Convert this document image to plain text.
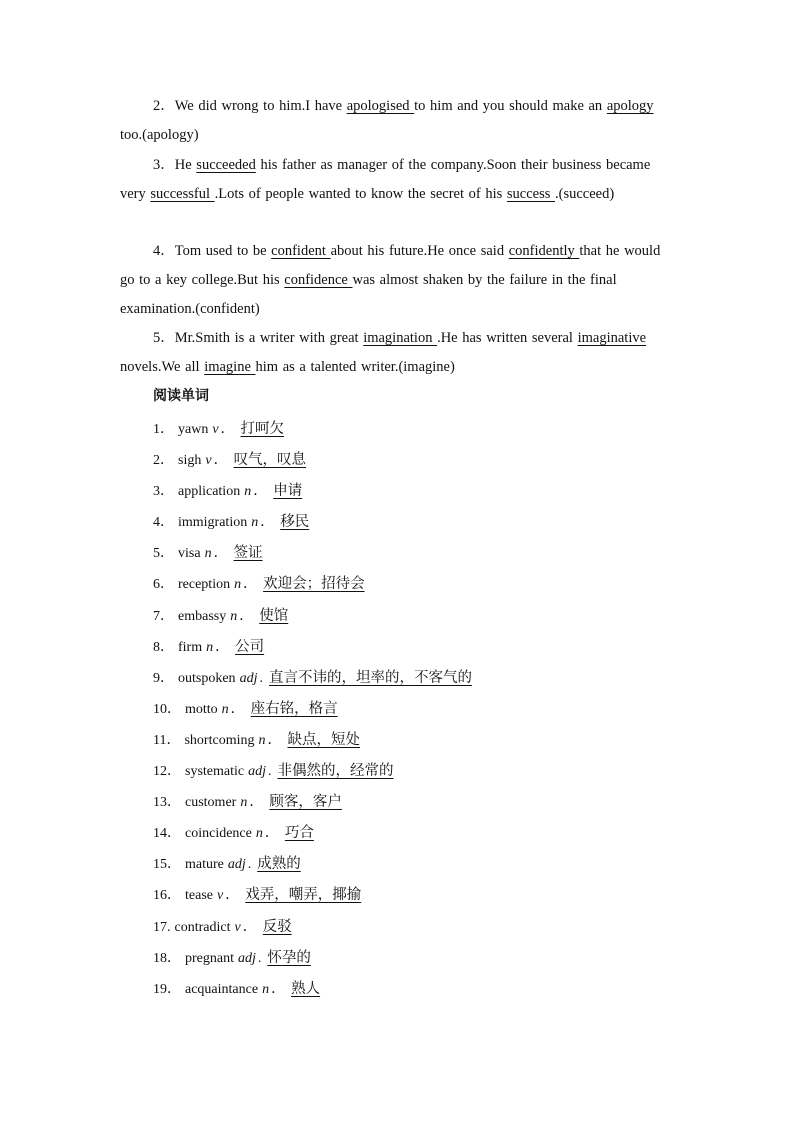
2．We did wrong to him.I have apologised to him and you should make an apology too.(apology)
3．He succeeded his father as manager of the company.Soon their business became very successful .Lots of people wanted to know the secret of his success .(succeed)
4．Tom used to be confident about his future.He once said confidently that he would go to a key college.But his confidence was almost shaken by the failure in the final examination.(confident)
5．Mr.Smith is a writer with great imagination .He has written several imaginative novels.We all imagine him as a talented writer.(imagine)
阅读单词
1． yawn v ． 打呵欠
2． sigh v ． 叹气，叹息
3． application n ． 申请
4． immigration n ． 移民
5． visa n ． 签证
6． reception n ． 欢迎会；招待会
7． embassy n ． 使馆
8． firm n ． 公司
9． outspoken adj . 直言不讳的，坦率的，不客气的
10． motto n ． 座右铭，格言
11． shortcoming n ． 缺点，短处
12． systematic adj . 非偶然的，经常的
13． customer n ． 顾客，客户
14． coincidence n ． 巧合
15． mature adj . 成熟的
16． tease v ． 戏弄，嘲弄，揶揄
17. contradict v ． 反驳
18． pregnant adj . 怀孕的
19． acquaintance n ． 熟人
